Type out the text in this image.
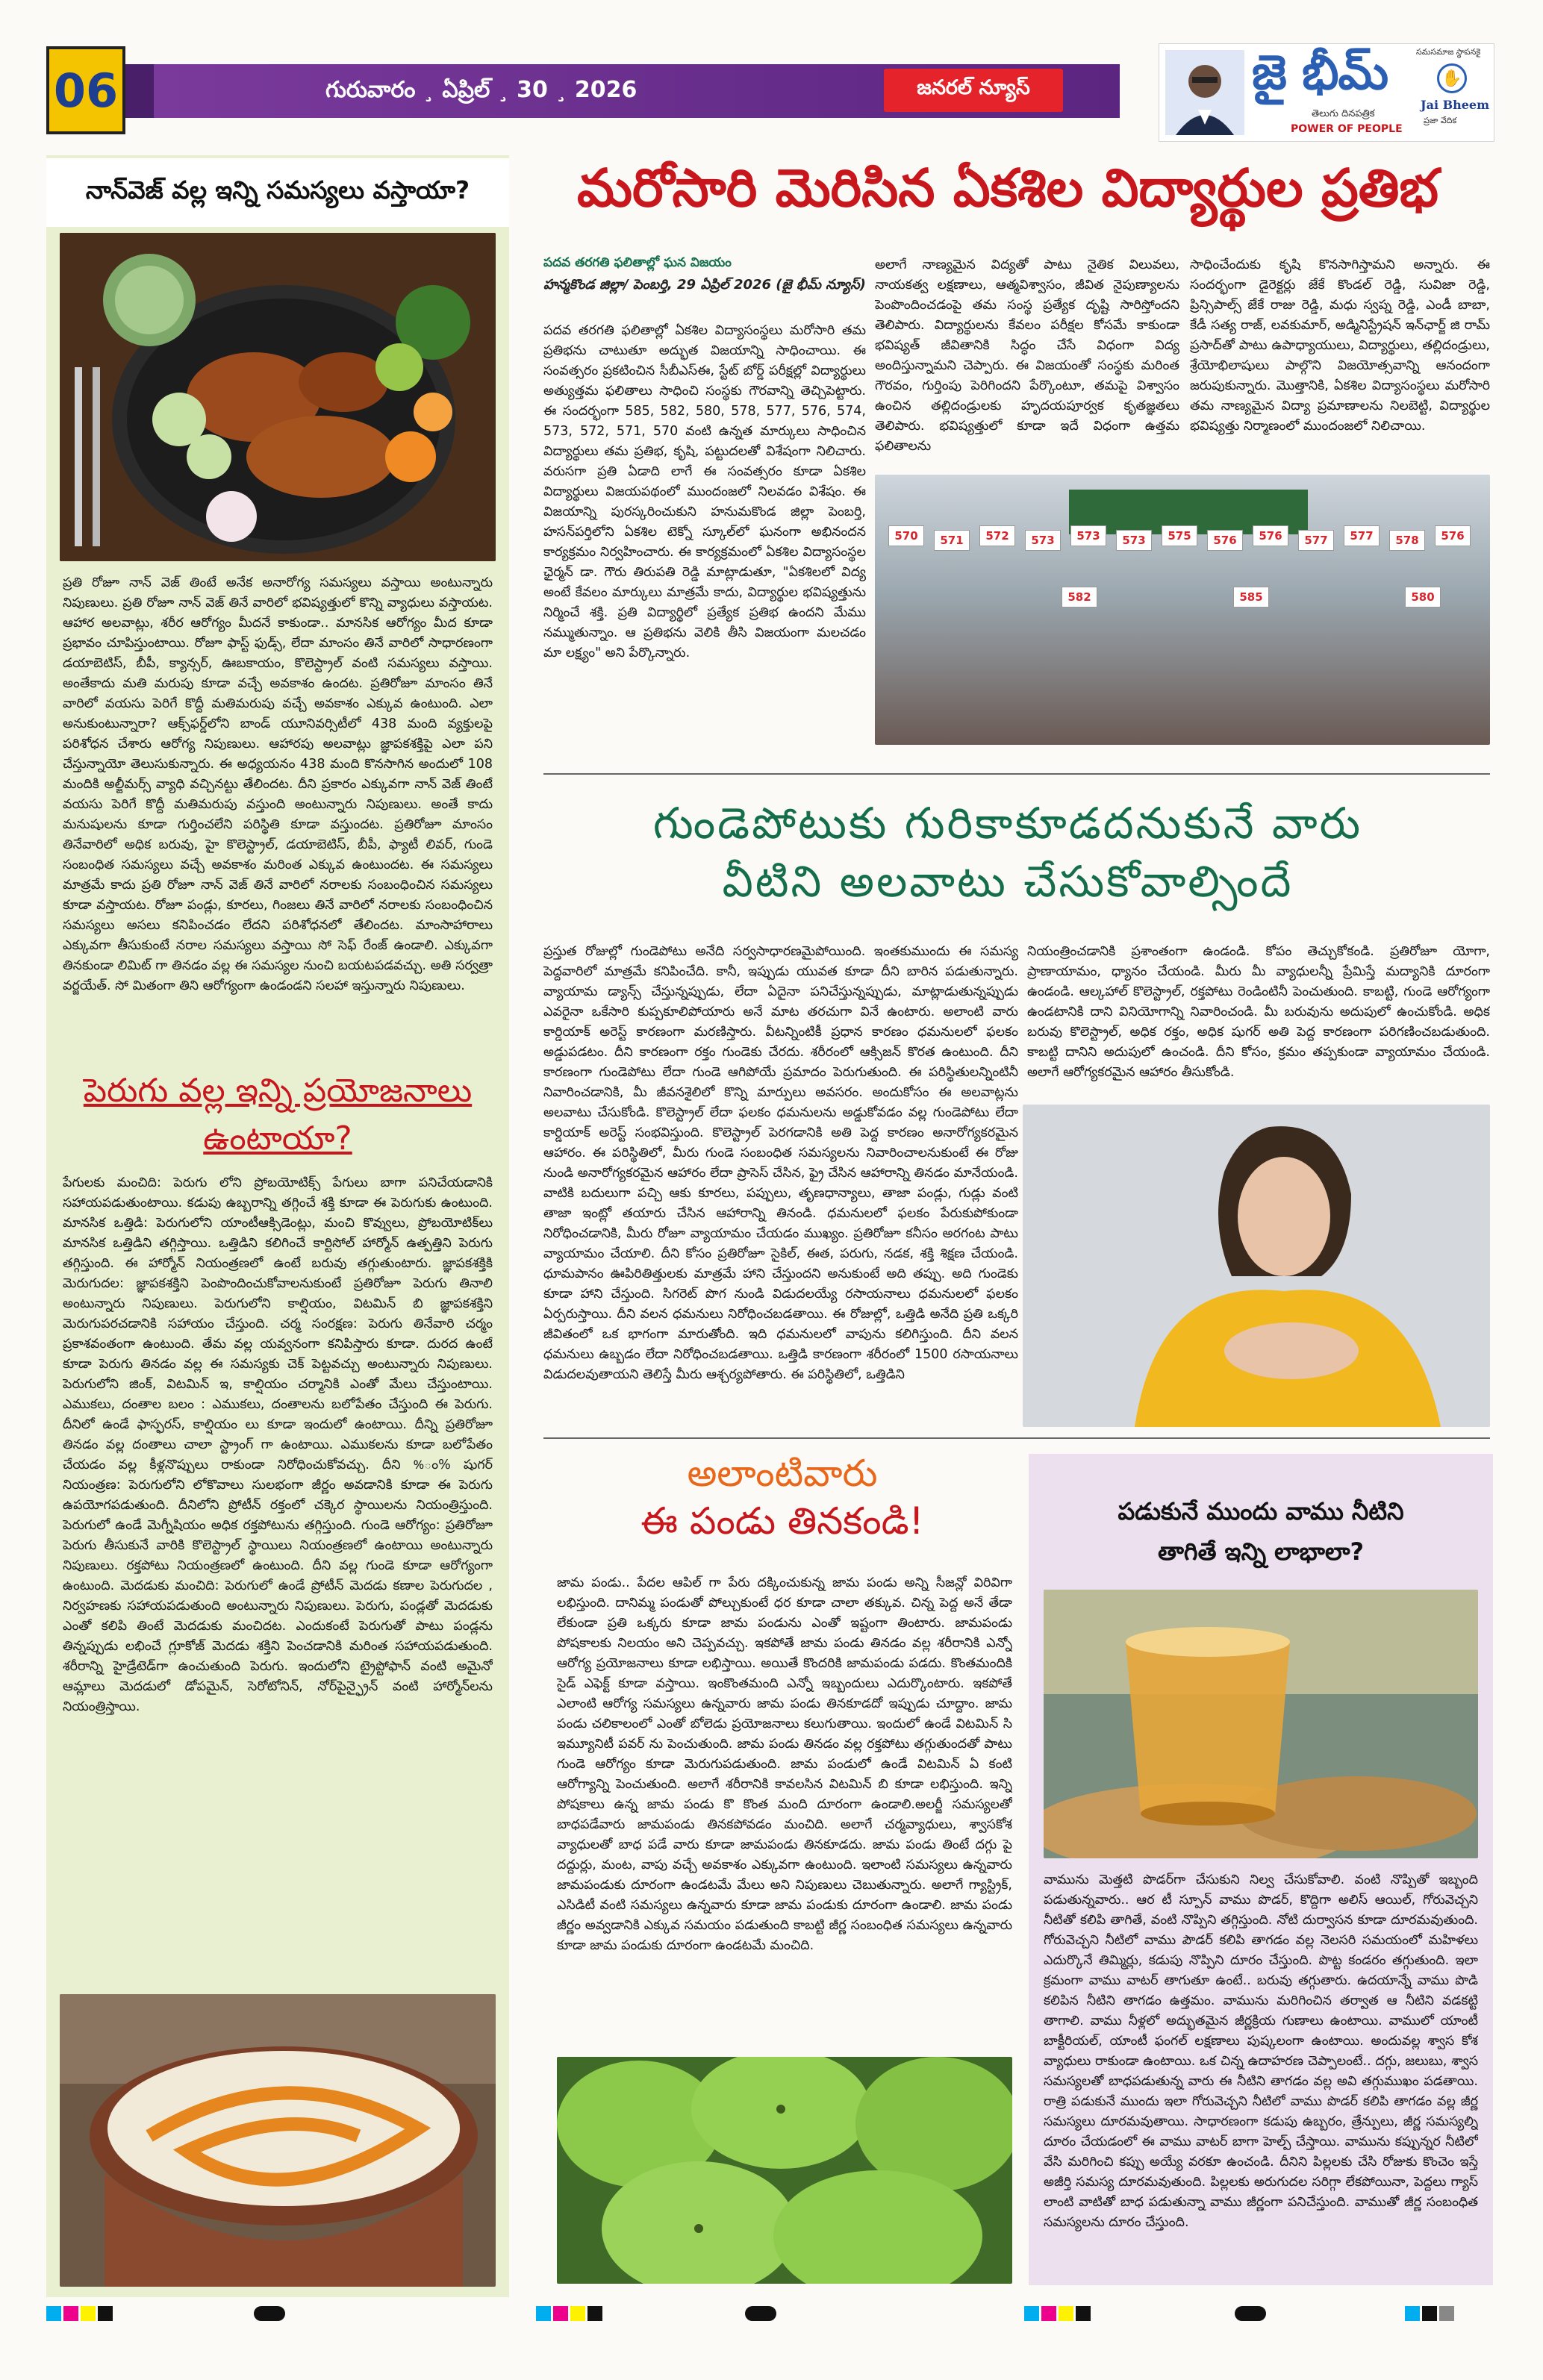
06	గురువారం ¸ ఏప్రిల్ ¸ 30 ¸ 2026	జనరల్ న్యూస్	జై భీమ్
తెలుగు దినపత్రిక
POWER OF PEOPLE
సమసమాజ స్థాపనకై
✋
Jai Bheem
ప్రజా వేదిక
నాన్‌వెజ్ వల్ల ఇన్ని సమస్యలు వస్తాయా?

ప్రతి రోజూ నాన్ వెజ్ తింటే అనేక అనారోగ్య సమస్యలు వస్తాయి అంటున్నారు నిపుణులు. ప్రతి రోజూ నాన్ వెజ్ తినే వారిలో భవిష్యత్తులో కొన్ని వ్యాధులు వస్తాయట. ఆహార అలవాట్లు, శరీర ఆరోగ్యం మీదనే కాకుండా.. మానసిక ఆరోగ్యం మీద కూడా ప్రభావం చూపిస్తుంటాయి. రోజూ ఫాస్ట్ ఫుడ్స్, లేదా మాంసం తినే వారిలో సాధారణంగా డయాబెటిస్, బీపీ, క్యాన్సర్, ఊబకాయం, కొలెస్ట్రాల్ వంటి సమస్యలు వస్తాయి. అంతేకాదు మతి మరుపు కూడా వచ్చే అవకాశం ఉందట. ప్రతిరోజూ మాంసం తినే వారిలో వయసు పెరిగే కొద్దీ మతిమరుపు వచ్చే అవకాశం ఎక్కువ ఉంటుంది. ఎలా అనుకుంటున్నారా? ఆక్స్‌ఫర్డ్‌లోని బాండ్ యూనివర్సిటీలో 438 మంది వ్యక్తులపై పరిశోధన చేశారు ఆరోగ్య నిపుణులు. ఆహారపు అలవాట్లు జ్ఞాపకశక్తిపై ఎలా పని చేస్తున్నాయో తెలుసుకున్నారు. ఈ అధ్యయనం 438 మంది కొనసాగిన అందులో 108 మందికి అల్జీమర్స్ వ్యాధి వచ్చినట్టు తేలిందట. దీని ప్రకారం ఎక్కువగా నాన్ వెజ్ తింటే వయసు పెరిగే కొద్దీ మతిమరుపు వస్తుంది అంటున్నారు నిపుణులు. అంతే కాదు మనుషులను కూడా గుర్తించలేని పరిస్థితి కూడా వస్తుందట. ప్రతిరోజూ మాంసం తినేవారిలో అధిక బరువు, హై కొలెస్ట్రాల్, డయాబెటిస్, బీపీ, ఫ్యాటీ లివర్, గుండె సంబంధిత సమస్యలు వచ్చే అవకాశం మరింత ఎక్కువ ఉంటుందట. ఈ సమస్యలు మాత్రమే కాదు ప్రతి రోజూ నాన్ వెజ్ తినే వారిలో నరాలకు సంబంధించిన సమస్యలు కూడా వస్తాయట. రోజూ పండ్లు, కూరలు, గింజలు తినే వారిలో నరాలకు సంబంధించిన సమస్యలు అసలు కనిపించడం లేదని పరిశోధనలో తేలిందట. మాంసాహారాలు ఎక్కువగా తీసుకుంటే నరాల సమస్యలు వస్తాయి సో సెఫ్ రేంజ్ ఉండాలి. ఎక్కువగా తినకుండా లిమిట్ గా తినడం వల్ల ఈ సమస్యల నుంచి బయటపడవచ్చు. అతి సర్వత్రా వర్జయేత్. సో మితంగా తిని ఆరోగ్యంగా ఉండండని సలహా ఇస్తున్నారు నిపుణులు.

పెరుగు వల్ల ఇన్ని ప్రయోజనాలు ఉంటాయా?

పేగులకు మంచిది: పెరుగు లోని ప్రోబయోటిక్స్ పేగులు బాగా పనిచేయడానికి సహాయపడుతుంటాయి. కడుపు ఉబ్బరాన్ని తగ్గించే శక్తి కూడా ఈ పెరుగుకు ఉంటుంది. మానసిక ఒత్తిడి: పెరుగులోని యాంటీఆక్సిడెంట్లు, మంచి కొవ్వులు, ప్రోబయోటిక్‌లు మానసిక ఒత్తిడిని తగ్గిస్తాయి. ఒత్తిడిని కలిగించే కార్టిసోల్ హార్మోన్ ఉత్పత్తిని పెరుగు తగ్గిస్తుంది. ఈ హార్మోన్ నియంత్రణలో ఉంటే బరువు తగ్గుతుంటారు. జ్ఞాపకశక్తికి మెరుగుదల: జ్ఞాపకశక్తిని పెంపొందించుకోవాలనుకుంటే ప్రతిరోజూ పెరుగు తినాలి అంటున్నారు నిపుణులు. పెరుగులోని కాల్షియం, విటమిన్ బి జ్ఞాపకశక్తిని మెరుగుపరచడానికి సహాయం చేస్తుంది. చర్మ సంరక్షణ: పెరుగు తినేవారి చర్మం ప్రకాశవంతంగా ఉంటుంది. తేమ వల్ల యవ్వనంగా కనిపిస్తారు కూడా. దురద ఉంటే కూడా పెరుగు తినడం వల్ల ఈ సమస్యకు చెక్ పెట్టవచ్చు అంటున్నారు నిపుణులు. పెరుగులోని జింక్, విటమిన్ ఇ, కాల్షియం చర్మానికి ఎంతో మేలు చేస్తుంటాయి. ఎముకలు, దంతాల బలం : ఎముకలు, దంతాలను బలోపేతం చేస్తుంది ఈ పెరుగు. దీనిలో ఉండే ఫాస్ఫరస్, కాల్షియం లు కూడా ఇందులో ఉంటాయి. దీన్ని ప్రతిరోజూ తినడం వల్ల దంతాలు చాలా స్ట్రాంగ్ గా ఉంటాయి. ఎముకలను కూడా బలోపేతం చేయడం వల్ల కీళ్లనొప్పులు రాకుండా నిరోధించుకోవచ్చు. దీని %ం% షుగర్ నియంత్రణ: పెరుగులోని లోకొవాలు సులభంగా జీర్ణం అవడానికి కూడా ఈ పెరుగు ఉపయోగపడుతుంది. దీనిలోని ప్రోటీన్ రక్తంలో చక్కెర స్థాయిలను నియంత్రిస్తుంది. పెరుగులో ఉండే మెగ్నీషియం అధిక రక్తపోటును తగ్గిస్తుంది. గుండె ఆరోగ్యం: ప్రతిరోజూ పెరుగు తీసుకునే వారికి కొలెస్ట్రాల్ స్థాయిలు నియంత్రణలో ఉంటాయి అంటున్నారు నిపుణులు. రక్తపోటు నియంత్రణలో ఉంటుంది. దీని వల్ల గుండె కూడా ఆరోగ్యంగా ఉంటుంది. మెదడుకు మంచిది: పెరుగులో ఉండే ప్రోటీన్ మెదడు కణాల పెరుగుదల , నిర్వహణకు సహాయపడుతుంది అంటున్నారు నిపుణులు. పెరుగు, పండ్లతో మెదడుకు ఎంతో కలిపి తింటే మెదడుకు మంచిదట. ఎందుకంటే పెరుగుతో పాటు పండ్లను తిన్నప్పుడు లభించే గ్లూకోజ్ మెదడు శక్తిని పెంచడానికి మరింత సహాయపడుతుంది. శరీరాన్ని హైడ్రేటెడ్‌గా ఉంచుతుంది పెరుగు. ఇందులోని ట్రైప్టోఫాన్ వంటి అమైనో ఆమ్లాలు మెదడులో డోపమైన్, సెరోటోనిన్, నోర్‌పైన్ఫ్రైన్ వంటి హార్మోన్‌లను నియంత్రిస్తాయి.

మరోసారి మెరిసిన ఏకశిల విద్యార్థుల ప్రతిభ
పదవ తరగతి ఫలితాల్లో ఘన విజయం

హన్మకొండ జిల్లా/ పెంబర్తి, 29 ఏప్రిల్ 2026 (జై భీమ్ న్యూస్)

పదవ తరగతి ఫలితాల్లో ఏకశిల విద్యాసంస్థలు మరోసారి తమ ప్రతిభను చాటుతూ అద్భుత విజయాన్ని సాధించాయి. ఈ సంవత్సరం ప్రకటించిన సీబీఎస్‌ఈ, స్టేట్ బోర్డ్ పరీక్షల్లో విద్యార్థులు అత్యుత్తమ ఫలితాలు సాధించి సంస్థకు గౌరవాన్ని తెచ్చిపెట్టారు. ఈ సందర్భంగా 585, 582, 580, 578, 577, 576, 574, 573, 572, 571, 570 వంటి ఉన్నత మార్కులు సాధించిన విద్యార్థులు తమ ప్రతిభ, కృషి, పట్టుదలతో విశేషంగా నిలిచారు. వరుసగా ప్రతి ఏడాది లాగే ఈ సంవత్సరం కూడా ఏకశిల విద్యార్థులు విజయపథంలో ముందంజలో నిలవడం విశేషం. ఈ విజయాన్ని పురస్కరించుకుని హనుమకొండ జిల్లా పెంబర్తి, హసన్‌పర్తిలోని ఏకశిల టెక్నో స్కూల్‌లో ఘనంగా అభినందన కార్యక్రమం నిర్వహించారు. ఈ కార్యక్రమంలో ఏకశిల విద్యాసంస్థల ఛైర్మన్ డా. గౌరు తిరుపతి రెడ్డి మాట్లాడుతూ, "ఏకశిలలో విద్య అంటే కేవలం మార్కులు మాత్రమే కాదు, విద్యార్థుల భవిష్యత్తును నిర్మించే శక్తి. ప్రతి విద్యార్థిలో ప్రత్యేక ప్రతిభ ఉందని మేము నమ్ముతున్నాం. ఆ ప్రతిభను వెలికి తీసి విజయంగా మలచడం మా లక్ష్యం" అని పేర్కొన్నారు.

అలాగే నాణ్యమైన విద్యతో పాటు నైతిక విలువలు, నాయకత్వ లక్షణాలు, ఆత్మవిశ్వాసం, జీవిత నైపుణ్యాలను పెంపొందించడంపై తమ సంస్థ ప్రత్యేక దృష్టి సారిస్తోందని తెలిపారు. విద్యార్థులను కేవలం పరీక్షల కోసమే కాకుండా భవిష్యత్ జీవితానికి సిద్ధం చేసే విధంగా విద్య అందిస్తున్నామని చెప్పారు. ఈ విజయంతో సంస్థకు మరింత గౌరవం, గుర్తింపు పెరిగిందని పేర్కొంటూ, తమపై విశ్వాసం ఉంచిన తల్లిదండ్రులకు హృదయపూర్వక కృతజ్ఞతలు తెలిపారు. భవిష్యత్తులో కూడా ఇదే విధంగా ఉత్తమ ఫలితాలను

సాధించేందుకు కృషి కొనసాగిస్తామని అన్నారు. ఈ సందర్భంగా డైరెక్టర్లు జేకే కొండల్ రెడ్డి, సువిజా రెడ్డి, ప్రిన్సిపాల్స్ జేకే రాజు రెడ్డి, మధు స్వప్న రెడ్డి, ఎండీ బాబా, కేడీ సత్య రాజ్, లవకుమార్, అడ్మినిస్ట్రేషన్ ఇన్‌ఛార్జ్ జి రామ్ ప్రసాద్‌తో పాటు ఉపాధ్యాయులు, విద్యార్థులు, తల్లిదండ్రులు, శ్రేయోభిలాషులు పాల్గొని విజయోత్సవాన్ని ఆనందంగా జరుపుకున్నారు. మొత్తానికి, ఏకశిల విద్యాసంస్థలు మరోసారి తమ నాణ్యమైన విద్యా ప్రమాణాలను నిలబెట్టి, విద్యార్థుల భవిష్యత్తు నిర్మాణంలో ముందంజలో నిలిచాయి.

570	571	572	573	573	573	575	576	576	577	577	578	576
582	585	580
గుండెపోటుకు గురికాకూడదనుకునే వారు
వీటిని అలవాటు చేసుకోవాల్సిందే

ప్రస్తుత రోజుల్లో గుండెపోటు అనేది సర్వసాధారణమైపోయింది. ఇంతకుముందు ఈ సమస్య పెద్దవారిలో మాత్రమే కనిపించేది. కానీ, ఇప్పుడు యువత కూడా దీని బారిన పడుతున్నారు. వ్యాయామ డ్యాన్స్ చేస్తున్నప్పుడు, లేదా ఏదైనా పనిచేస్తున్నప్పుడు, మాట్లాడుతున్నప్పుడు ఎవరైనా ఒకేసారి కుప్పకూలిపోయారు అనే మాట తరచుగా వినే ఉంటారు. అలాంటి వారు కార్డియాక్ అరెస్ట్ కారణంగా మరణిస్తారు. వీటన్నింటికీ ప్రధాన కారణం ధమనులలో ఫలకం అడ్డుపడటం. దీని కారణంగా రక్తం గుండెకు చేరదు. శరీరంలో ఆక్సిజన్ కొరత ఉంటుంది. దీని కారణంగా గుండెపోటు లేదా గుండె ఆగిపోయే ప్రమాదం పెరుగుతుంది. ఈ పరిస్థితులన్నింటినీ నివారించడానికి, మీ జీవనశైలిలో కొన్ని మార్పులు అవసరం. అందుకోసం ఈ అలవాట్లను అలవాటు చేసుకోండి. కొలెస్ట్రాల్ లేదా ఫలకం ధమనులను అడ్డుకోవడం వల్ల గుండెపోటు లేదా కార్డియాక్ అరెస్ట్ సంభవిస్తుంది. కొలెస్ట్రాల్ పెరగడానికి అతి పెద్ద కారణం అనారోగ్యకరమైన ఆహారం. ఈ పరిస్థితిలో, మీరు గుండె సంబంధిత సమస్యలను నివారించాలనుకుంటే ఈ రోజు నుండి అనారోగ్యకరమైన ఆహారం లేదా ప్రాసెస్ చేసిన, ఫ్రై చేసిన ఆహారాన్ని తినడం మానేయండి. వాటికి బదులుగా పచ్చి ఆకు కూరలు, పప్పులు, తృణధాన్యాలు, తాజా పండ్లు, గుడ్లు వంటి తాజా ఇంట్లో తయారు చేసిన ఆహారాన్ని తినండి. ధమనులలో ఫలకం పేరుకుపోకుండా నిరోధించడానికి, మీరు రోజూ వ్యాయామం చేయడం ముఖ్యం. ప్రతిరోజూ కనీసం అరగంట పాటు వ్యాయామం చేయాలి. దీని కోసం ప్రతిరోజూ సైకిల్, ఈత, పరుగు, నడక, శక్తి శిక్షణ చేయండి. ధూమపానం ఊపిరితిత్తులకు మాత్రమే హాని చేస్తుందని అనుకుంటే అది తప్పు. అది గుండెకు కూడా హాని చేస్తుంది. సిగరెట్ పొగ నుండి విడుదలయ్యే రసాయనాలు ధమనులలో ఫలకం ఏర్పరుస్తాయి. దీని వలన ధమనులు నిరోధించబడతాయి. ఈ రోజుల్లో, ఒత్తిడి అనేది ప్రతి ఒక్కరి జీవితంలో ఒక భాగంగా మారుతోంది. ఇది ధమనులలో వాపును కలిగిస్తుంది. దీని వలన ధమనులు ఉబ్బడం లేదా నిరోధించబడతాయి. ఒత్తిడి కారణంగా శరీరంలో 1500 రసాయనాలు విడుదలవుతాయని తెలిస్తే మీరు ఆశ్చర్యపోతారు. ఈ పరిస్థితిలో, ఒత్తిడిని

నియంత్రించడానికి ప్రశాంతంగా ఉండండి. కోపం తెచ్చుకోకండి. ప్రతిరోజూ యోగా, ప్రాణాయామం, ధ్యానం చేయండి. మీరు మీ వ్యాధులన్నీ ప్రేమిస్తే మద్యానికి దూరంగా ఉండండి. ఆల్కహాల్ కొలెస్ట్రాల్, రక్తపోటు రెండింటినీ పెంచుతుంది. కాబట్టి, గుండె ఆరోగ్యంగా ఉండటానికి దాని వినియోగాన్ని నివారించండి. మీ బరువును అదుపులో ఉంచుకోండి. అధిక బరువు కొలెస్ట్రాల్, అధిక రక్తం, అధిక షుగర్ అతి పెద్ద కారణంగా పరిగణించబడుతుంది. కాబట్టి దానిని అదుపులో ఉంచండి. దీని కోసం, క్రమం తప్పకుండా వ్యాయామం చేయండి. అలాగే ఆరోగ్యకరమైన ఆహారం తీసుకోండి.

అలాంటివారు
ఈ పండు తినకండి!

జామ పండు.. పేదల ఆపిల్ గా పేరు దక్కించుకున్న జామ పండు అన్ని సీజన్లో విరివిగా లభిస్తుంది. దానిమ్మ పండుతో పోల్చుకుంటే ధర కూడా చాలా తక్కువ. చిన్న పెద్ద అనే తేడా లేకుండా ప్రతి ఒక్కరు కూడా జామ పండును ఎంతో ఇష్టంగా తింటారు. జామపండు పోషకాలకు నిలయం అని చెప్పవచ్చు. ఇకపోతే జామ పండు తినడం వల్ల శరీరానికి ఎన్నో ఆరోగ్య ప్రయోజనాలు కూడా లభిస్తాయి. అయితే కొందరికి జామపండు పడదు. కొంతమందికి సైడ్ ఎఫెక్ట్ కూడా వస్తాయి. ఇంకొంతమంది ఎన్నో ఇబ్బందులు ఎదుర్కొంటారు. ఇకపోతే ఎలాంటి ఆరోగ్య సమస్యలు ఉన్నవారు జామ పండు తినకూడదో ఇప్పుడు చూద్దాం. జామ పండు చలికాలంలో ఎంతో బోలెడు ప్రయోజనాలు కలుగుతాయి. ఇందులో ఉండే విటమిన్ సి ఇమ్యూనిటీ పవర్ ను పెంచుతుంది. జామ పండు తినడం వల్ల రక్తపోటు తగ్గుతుందతో పాటు గుండె ఆరోగ్యం కూడా మెరుగుపడుతుంది. జామ పండులో ఉండే విటమిన్ ఏ కంటి ఆరోగ్యాన్ని పెంచుతుంది. అలాగే శరీరానికి కావలసిన విటమిన్ బి కూడా లభిస్తుంది. ఇన్ని పోషకాలు ఉన్న జామ పండు కొ కొంత మంది దూరంగా ఉండాలి.అలర్జీ సమస్యలతో బాధపడేవారు జామపండు తినకపోవడం మంచిది. అలాగే చర్మవ్యాధులు, శ్వాసకోశ వ్యాధులతో బాధ పడే వారు కూడా జామపండు తినకూడదు. జామ పండు తింటే దగ్గు పై దద్దుర్లు, మంట, వాపు వచ్చే అవకాశం ఎక్కువగా ఉంటుంది. ఇలాంటి సమస్యలు ఉన్నవారు జామపండుకు దూరంగా ఉండటమే మేలు అని నిపుణులు చెబుతున్నారు. అలాగే గ్యాస్ట్రిక్, ఎసిడిటీ వంటి సమస్యలు ఉన్నవారు కూడా జామ పండుకు దూరంగా ఉండాలి. జామ పండు జీర్ణం అవ్వడానికి ఎక్కువ సమయం పడుతుంది కాబట్టి జీర్ణ సంబంధిత సమస్యలు ఉన్నవారు కూడా జామ పండుకు దూరంగా ఉండటమే మంచిది.

పడుకునే ముందు వాము నీటిని
తాగితే ఇన్ని లాభాలా?

వామును మెత్తటి పొడర్‌గా చేసుకుని నిల్వ చేసుకోవాలి. వంటి నొప్పితో ఇబ్బంది పడుతున్నవారు.. ఆర టీ స్పూన్ వాము పొడర్, కొద్దిగా అలిస్ ఆయిల్, గోరువెచ్చని నీటితో కలిపి తాగితే, వంటి నొప్పిని తగ్గిస్తుంది. నోటి దుర్వాసన కూడా దూరమవుతుంది. గోరువెచ్చని నీటిలో వాము పౌడర్ కలిపి తాగడం వల్ల నెలసరి సమయంలో మహిళలు ఎదుర్కొనే తిమ్మిర్లు, కడుపు నొప్పిని దూరం చేస్తుంది. పొట్ట కండరం తగ్గుతుంది. ఇలా క్రమంగా వాము వాటర్ తాగుతూ ఉంటే.. బరువు తగ్గుతారు. ఉదయాన్నే వాము పొడి కలిపిన నీటిని తాగడం ఉత్తమం. వామును మరిగించిన తర్వాత ఆ నీటిని వడకట్టి తాగాలి. వాము నీళ్లలో అద్భుతమైన జీర్ణక్రియ గుణాలు ఉంటాయి. వాములో యాంటీ బాక్టీరియల్, యాంటీ ఫంగల్ లక్షణాలు పుష్కలంగా ఉంటాయి. అందువల్ల శ్వాస కోశ వ్యాధులు రాకుండా ఉంటాయి. ఒక చిన్న ఉదాహరణ చెప్పాలంటే.. దగ్గు, జలుబు, శ్వాస సమస్యలతో బాధపడుతున్న వారు ఈ నీటిని తాగడం వల్ల అవి తగ్గుముఖం పడతాయి. రాత్రి పడుకునే ముందు ఇలా గోరువెచ్చని నీటిలో వాము పొడర్ కలిపి తాగడం వల్ల జీర్ణ సమస్యలు దూరమవుతాయి. సాధారణంగా కడుపు ఉబ్బరం, త్రేన్పులు, జీర్ణ సమస్యల్ని దూరం చేయడంలో ఈ వాము వాటర్ బాగా హెల్ప్ చేస్తాయి. వామును కప్పున్నర నీటిలో వేసి మరిగించి కప్పు అయ్యే వరకూ ఉంచండి. దీనిని పిల్లలకు చేసి రోజుకు కొంచెం ఇస్తే అజీర్తి సమస్య దూరమవుతుంది. పిల్లలకు అరుగుదల సరిగ్గా లేకపోయినా, పెద్దలు గ్యాస్ లాంటి వాటితో బాధ పడుతున్నా వాము జీర్ణంగా పనిచేస్తుంది. వాముతో జీర్ణ సంబంధిత సమస్యలను దూరం చేస్తుంది.
